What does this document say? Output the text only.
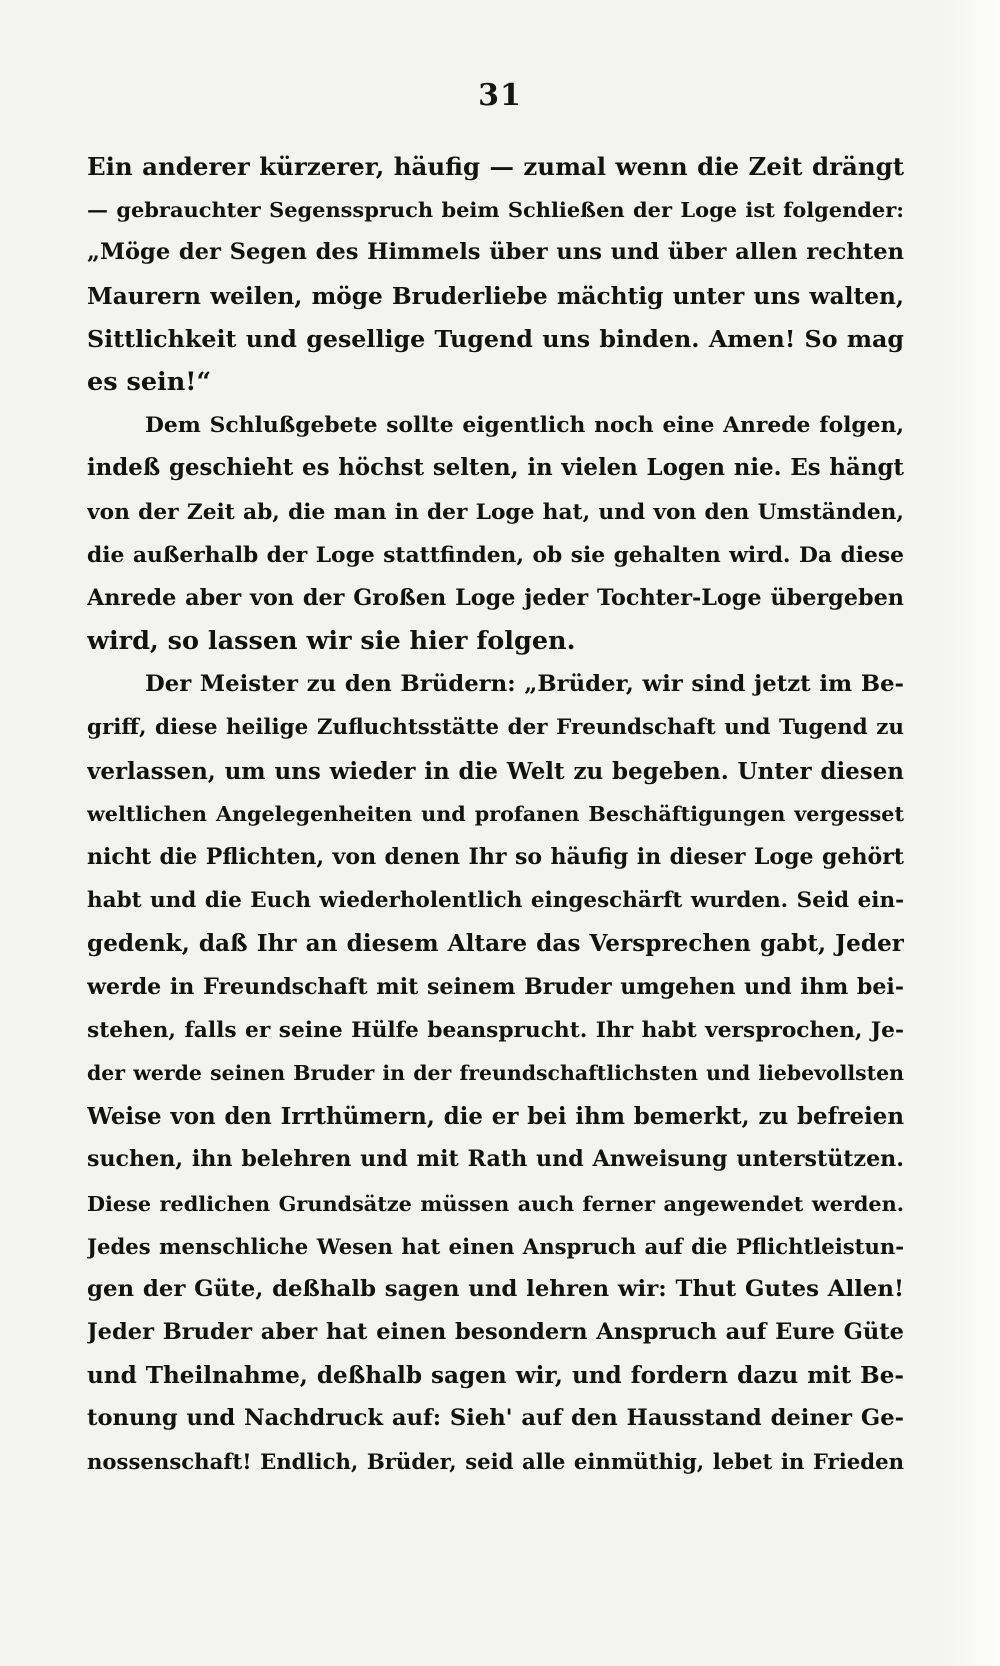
31
Ein anderer kürzerer, häufig — zumal wenn die Zeit drängt
— gebrauchter Segensspruch beim Schließen der Loge ist folgender:
„Möge der Segen des Himmels über uns und über allen rechten
Maurern weilen, möge Bruderliebe mächtig unter uns walten,
Sittlichkeit und gesellige Tugend uns binden. Amen! So mag
es sein!“
Dem Schlußgebete sollte eigentlich noch eine Anrede folgen,
indeß geschieht es höchst selten, in vielen Logen nie. Es hängt
von der Zeit ab, die man in der Loge hat, und von den Umständen,
die außerhalb der Loge stattfinden, ob sie gehalten wird. Da diese
Anrede aber von der Großen Loge jeder Tochter-Loge übergeben
wird, so lassen wir sie hier folgen.
Der Meister zu den Brüdern: „Brüder, wir sind jetzt im Be-
griff, diese heilige Zufluchtsstätte der Freundschaft und Tugend zu
verlassen, um uns wieder in die Welt zu begeben. Unter diesen
weltlichen Angelegenheiten und profanen Beschäftigungen vergesset
nicht die Pflichten, von denen Ihr so häufig in dieser Loge gehört
habt und die Euch wiederholentlich eingeschärft wurden. Seid ein-
gedenk, daß Ihr an diesem Altare das Versprechen gabt, Jeder
werde in Freundschaft mit seinem Bruder umgehen und ihm bei-
stehen, falls er seine Hülfe beansprucht. Ihr habt versprochen, Je-
der werde seinen Bruder in der freundschaftlichsten und liebevollsten
Weise von den Irrthümern, die er bei ihm bemerkt, zu befreien
suchen, ihn belehren und mit Rath und Anweisung unterstützen.
Diese redlichen Grundsätze müssen auch ferner angewendet werden.
Jedes menschliche Wesen hat einen Anspruch auf die Pflichtleistun-
gen der Güte, deßhalb sagen und lehren wir: Thut Gutes Allen!
Jeder Bruder aber hat einen besondern Anspruch auf Eure Güte
und Theilnahme, deßhalb sagen wir, und fordern dazu mit Be-
tonung und Nachdruck auf: Sieh' auf den Hausstand deiner Ge-
nossenschaft! Endlich, Brüder, seid alle einmüthig, lebet in Frieden
